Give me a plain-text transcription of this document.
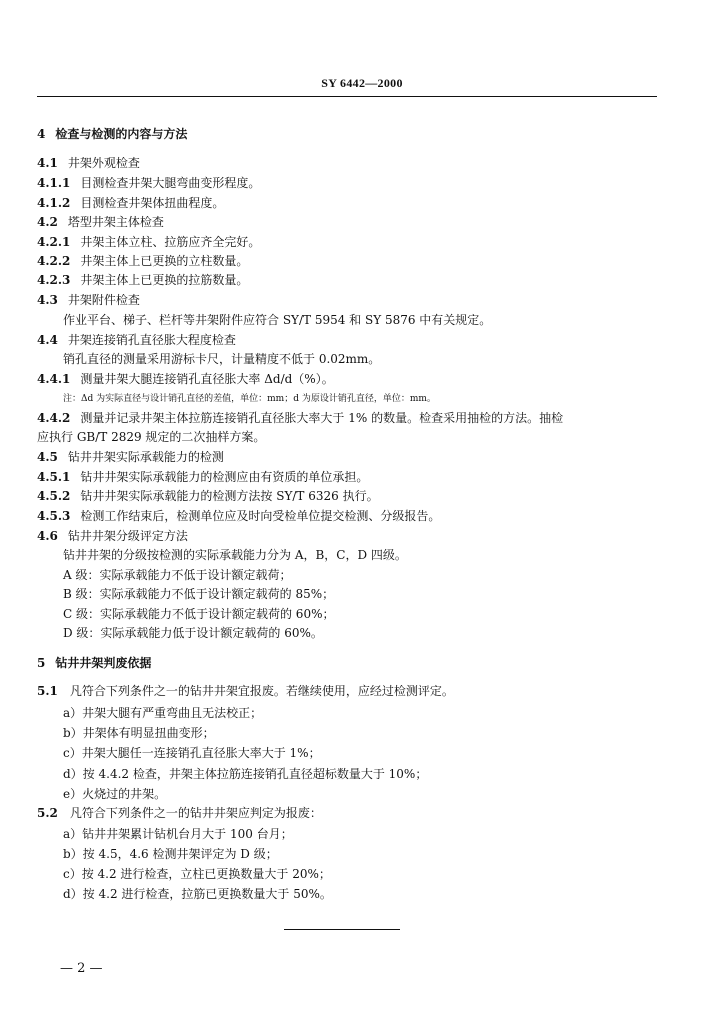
SY 6442—2000
4 检查与检测的内容与方法
4.1 井架外观检查
4.1.1 目测检查井架大腿弯曲变形程度。
4.1.2 目测检查井架体扭曲程度。
4.2 塔型井架主体检查
4.2.1 井架主体立柱、拉筋应齐全完好。
4.2.2 井架主体上已更换的立柱数量。
4.2.3 井架主体上已更换的拉筋数量。
4.3 井架附件检查
作业平台、梯子、栏杆等井架附件应符合 SY/T 5954 和 SY 5876 中有关规定。
4.4 井架连接销孔直径胀大程度检查
销孔直径的测量采用游标卡尺，计量精度不低于 0.02mm。
4.4.1 测量井架大腿连接销孔直径胀大率 Δd/d（%）。
注：Δd 为实际直径与设计销孔直径的差值，单位：mm；d 为原设计销孔直径，单位：mm。
4.4.2 测量并记录井架主体拉筋连接销孔直径胀大率大于 1% 的数量。检查采用抽检的方法。抽检
应执行 GB/T 2829 规定的二次抽样方案。
4.5 钻井井架实际承载能力的检测
4.5.1 钻井井架实际承载能力的检测应由有资质的单位承担。
4.5.2 钻井井架实际承载能力的检测方法按 SY/T 6326 执行。
4.5.3 检测工作结束后，检测单位应及时向受检单位提交检测、分级报告。
4.6 钻井井架分级评定方法
钻井井架的分级按检测的实际承载能力分为 A，B，C，D 四级。
A 级：实际承载能力不低于设计额定载荷；
B 级：实际承载能力不低于设计额定载荷的 85%；
C 级：实际承载能力不低于设计额定载荷的 60%；
D 级：实际承载能力低于设计额定载荷的 60%。
5 钻井井架判废依据
5.1 凡符合下列条件之一的钻井井架宜报废。若继续使用，应经过检测评定。
a）井架大腿有严重弯曲且无法校正；
b）井架体有明显扭曲变形；
c）井架大腿任一连接销孔直径胀大率大于 1%；
d）按 4.4.2 检查，井架主体拉筋连接销孔直径超标数量大于 10%；
e）火烧过的井架。
5.2 凡符合下列条件之一的钻井井架应判定为报废：
a）钻井井架累计钻机台月大于 100 台月；
b）按 4.5，4.6 检测井架评定为 D 级；
c）按 4.2 进行检查，立柱已更换数量大于 20%；
d）按 4.2 进行检查，拉筋已更换数量大于 50%。
— 2 —
